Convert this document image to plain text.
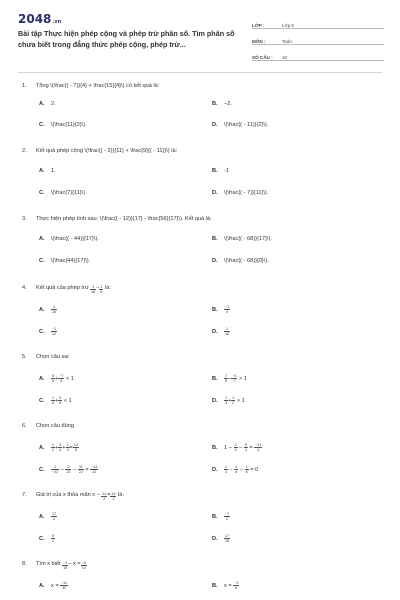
2048.vn
Bài tập Thực hiện phép cộng và phép trừ phân số. Tìm phân số chưa biết trong đẳng thức phép cộng, phép trừ...
LỚP :	Lớp 6
MÔN :	Toán
SỐ CÂU :	10
1.	Tổng \(\frac{( - 7)}{4} + \frac{15}{4}\) có kết quả là:
A. 2.	B. −2.
C. \(\frac{11}{2}\).	D. \(\frac{( - 11)}{2}\).
2.	Kết quả phép cộng \(\frac{( - 2)}{11} + \frac{9}{( - 11)}\) là:
A. 1.	B. -1
C. \(\frac{7}{11}\).	D. \(\frac{( - 7)}{11}\).
3.	Thực hiện phép tính sau: \(\frac{( - 12)}{17} - \frac{56}{17}\). Kết quả là:
A. \(\frac{( - 44)}{17}\).	B. \(\frac{( - 68)}{17}\).
C. \(\frac{44}{17}\).	D. \(\frac{( - 68)}{0}\).
4.	Kết quả của phép trừ
1
18
− 1
6

là:
A. $\frac{4}{18}$	B. $\frac{-1}{9}$
C. $\frac{-1}{12}$	D. $\frac{1}{18}$
5.	Chọn câu sai
A. $\frac{5}{9} + \frac{-7}{8} < 1$	B. $\frac{7}{5} - \frac{-3}{7} > 1$
C. $\frac{1}{8} + \frac{5}{6} < 1$	D. $\frac{1}{3} + \frac{1}{2} > 1$
6.	Chọn câu đúng
A. $\frac{1}{2} + \frac{3}{4} + \frac{2}{3} = \frac{13}{6}$	B. $1 - \frac{2}{3} - \frac{5}{4} = \frac{-11}{4}$
C. $\frac{1}{-22} - \frac{2}{22} - \frac{11}{22} = \frac{-14}{22}$	D. $\frac{1}{3} - \frac{1}{6} - \frac{1}{6} = 0$
7.	Giá trị của x thỏa mãn x −
$\frac{11}{2} = 19$
2

là:
A. $\frac{17}{2}$	B. $\frac{-7}{2}$
C. $\frac{5}{2}$	D. $\frac{17}{18}$
8.	Tìm x biết
−1
15
− x = −3
10
A. $x = \frac{-11}{30}$	B. $x = \frac{-1}{6}$
